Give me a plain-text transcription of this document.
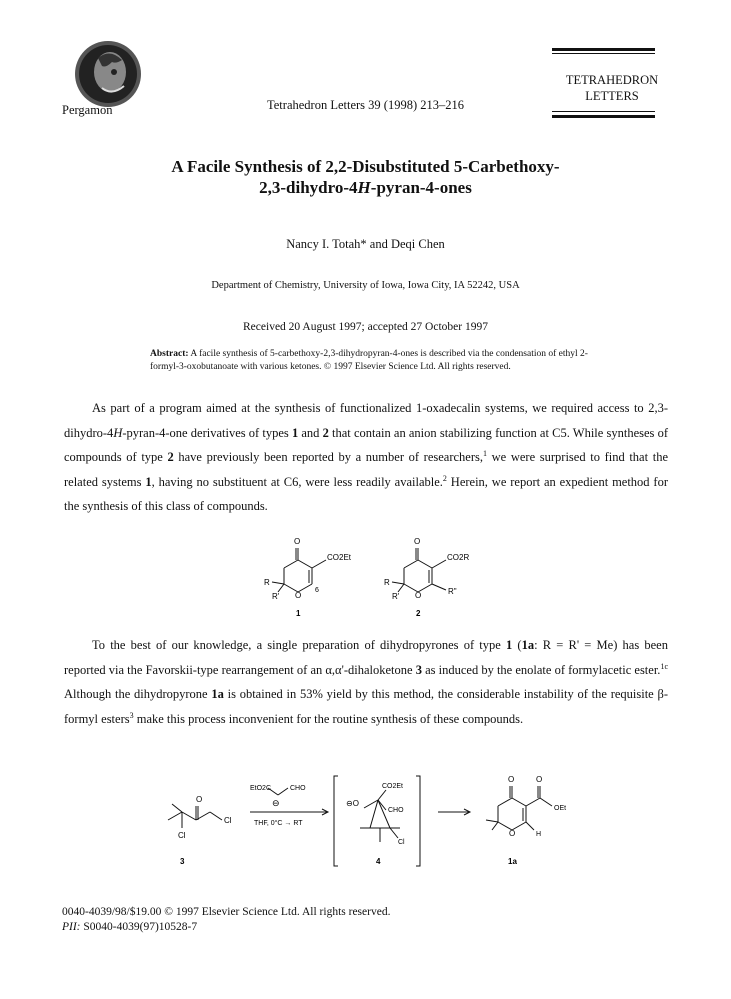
Pergamon	Tetrahedron Letters 39 (1998) 213–216
TETRAHEDRON
LETTERS
A Facile Synthesis of 2,2-Disubstituted 5-Carbethoxy-
2,3-dihydro-4H-pyran-4-ones
Nancy I. Totah* and Deqi Chen
Department of Chemistry, University of Iowa, Iowa City, IA 52242, USA
Received 20 August 1997; accepted 27 October 1997
Abstract: A facile synthesis of 5-carbethoxy-2,3-dihydropyran-4-ones is described via the condensation of ethyl 2-formyl-3-oxobutanoate with various ketones. © 1997 Elsevier Science Ltd. All rights reserved.
As part of a program aimed at the synthesis of functionalized 1-oxadecalin systems, we required access to 2,3-dihydro-4H-pyran-4-one derivatives of types 1 and 2 that contain an anion stabilizing function at C5. While syntheses of compounds of type 2 have previously been reported by a number of researchers,$^1$ we were surprised to find that the related systems 1, having no substituent at C6, were less readily available.$^2$ Herein, we report an expedient method for the synthesis of this class of compounds.
O
CO2Et
R
R' O
6
1
O
CO2R
R
R' O	R"
2
To the best of our knowledge, a single preparation of dihydropyrones of type 1 (1a: R = R' = Me) has been reported via the Favorskii-type rearrangement of an α,α'-dihaloketone 3 as induced by the enolate of formylacetic ester.$^{1c}$ Although the dihydropyrone 1a is obtained in 53% yield by this method, the considerable instability of the requisite β-formyl esters$^3$ make this process inconvenient for the routine synthesis of these compounds.
O
Cl
Cl
3
EtO2C	CHO
⊖
THF, 0°C → RT
CO2Et
CHO
⊖O
Cl
4
O	O
OEt
O	H
1a
0040-4039/98/$19.00 © 1997 Elsevier Science Ltd. All rights reserved.
PII: S0040-4039(97)10528-7
